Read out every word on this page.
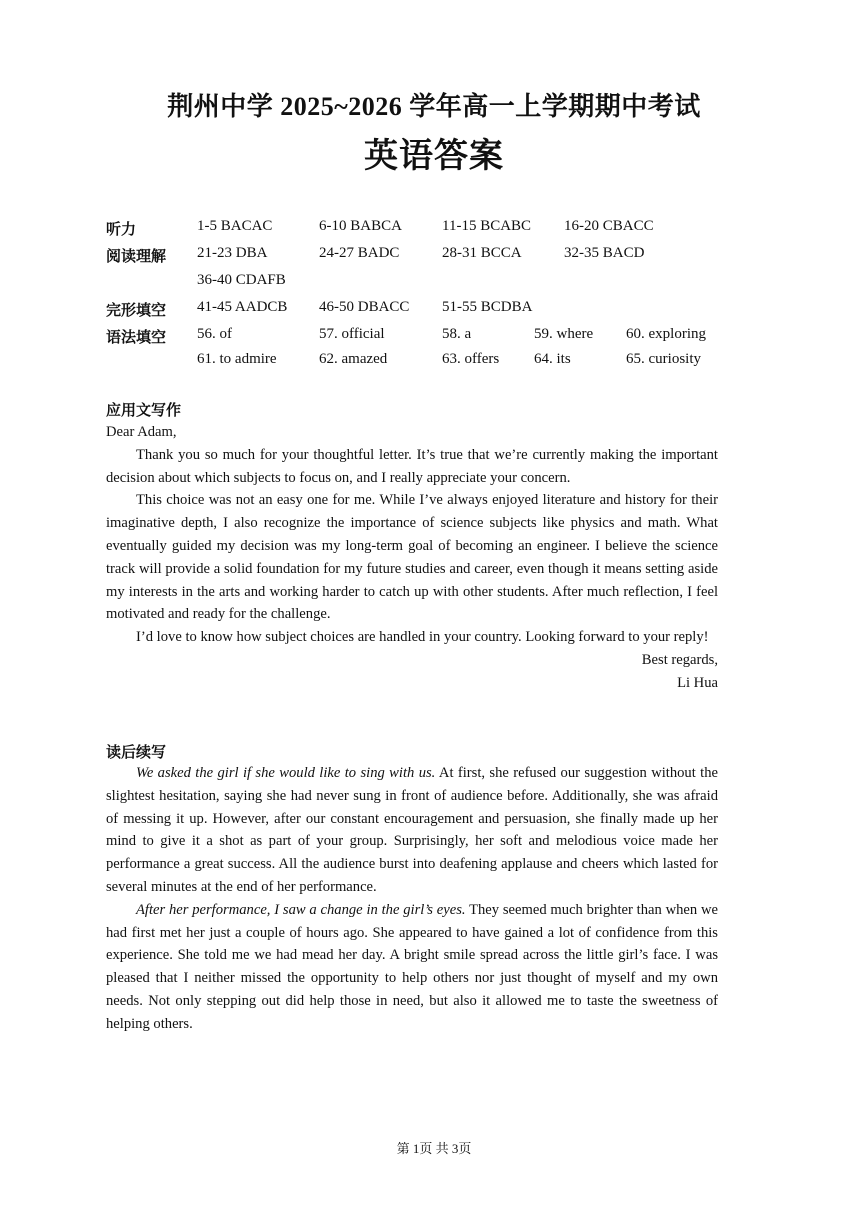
荆州中学 2025~2026 学年高一上学期期中考试
英语答案
听力	1-5 BACAC	6-10 BABCA	11-15 BCABC 16-20 CBACC
阅读理解 21-23 DBA	24-27 BADC	28-31 BCCA	32-35 BACD
36-40 CDAFB
完形填空 41-45 AADCB 46-50 DBACC 51-55 BCDBA
语法填空 56. of	57. official	58. a	59. where 60. exploring
61. to admire	62. amazed	63. offers 64. its	65. curiosity
应用文写作

Dear Adam,

Thank you so much for your thoughtful letter. It’s true that we’re currently making the important decision about which subjects to focus on, and I really appreciate your concern.

This choice was not an easy one for me. While I’ve always enjoyed literature and history for their imaginative depth, I also recognize the importance of science subjects like physics and math. What eventually guided my decision was my long-term goal of becoming an engineer. I believe the science track will provide a solid foundation for my future studies and career, even though it means setting aside my interests in the arts and working harder to catch up with other students. After much reflection, I feel motivated and ready for the challenge.

I’d love to know how subject choices are handled in your country. Looking forward to your reply!

Best regards,

Li Hua

读后续写

We asked the girl if she would like to sing with us. At first, she refused our suggestion without the slightest hesitation, saying she had never sung in front of audience before. Additionally, she was afraid of messing it up. However, after our constant encouragement and persuasion, she finally made up her mind to give it a shot as part of your group. Surprisingly, her soft and melodious voice made her performance a great success. All the audience burst into deafening applause and cheers which lasted for several minutes at the end of her performance.

After her performance, I saw a change in the girl’s eyes. They seemed much brighter than when we had first met her just a couple of hours ago. She appeared to have gained a lot of confidence from this experience. She told me we had mead her day. A bright smile spread across the little girl’s face. I was pleased that I neither missed the opportunity to help others nor just thought of myself and my own needs. Not only stepping out did help those in need, but also it allowed me to taste the sweetness of helping others.

第 1页 共 3页
